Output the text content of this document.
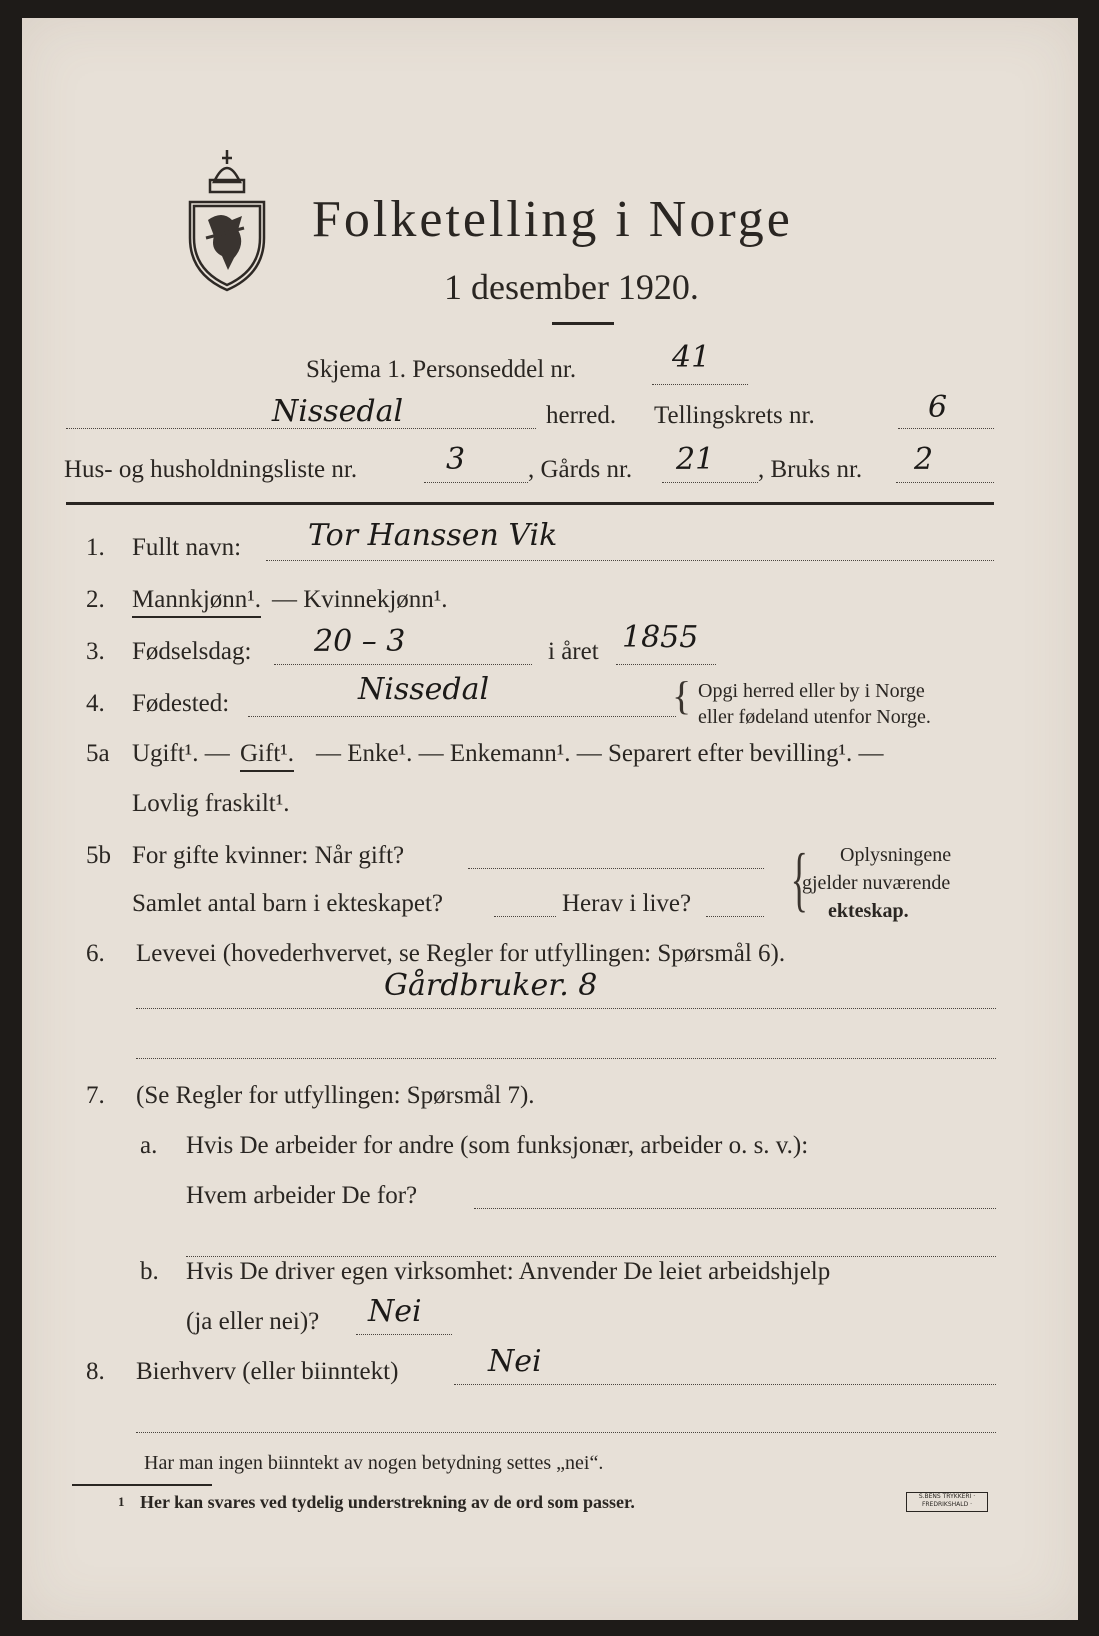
Folketelling i Norge
1 desember 1920.
Skjema 1. Personseddel nr.	41
Nissedal	herred. Tellingskrets nr.	6
Hus- og husholdningsliste nr.	3	, Gårds nr. 21 , Bruks nr. 2
1. Fullt navn: Tor Hanssen Vik
2. Mannkjønn¹. — Kvinnekjønn¹.
3. Fødselsdag: 20 – 3	i året 1855
4. Fødested:	Nissedal	{ Opgi herred eller by i Norge
eller fødeland utenfor Norge.
5a Ugift¹. — Gift¹. — Enke¹. — Enkemann¹. — Separert efter bevilling¹. —
Lovlig fraskilt¹.
5b For gifte kvinner: Når gift?
Samlet antal barn i ekteskapet?	Herav i live? { Oplysningene
gjelder nuværende
ekteskap.
6. Levevei (hovederhvervet, se Regler for utfyllingen: Spørsmål 6).
Gårdbruker. 8
7. (Se Regler for utfyllingen: Spørsmål 7).
a. Hvis De arbeider for andre (som funksjonær, arbeider o. s. v.):
Hvem arbeider De for?
b. Hvis De driver egen virksomhet: Anvender De leiet arbeidshjelp
(ja eller nei)? Nei
8. Bierhverv (eller biinntekt)	Nei
Har man ingen biinntekt av nogen betydning settes „nei“.
1 Her kan svares ved tydelig understrekning av de ord som passer.	S.BENS TRYKKERI · FREDRIKSHALD ·
